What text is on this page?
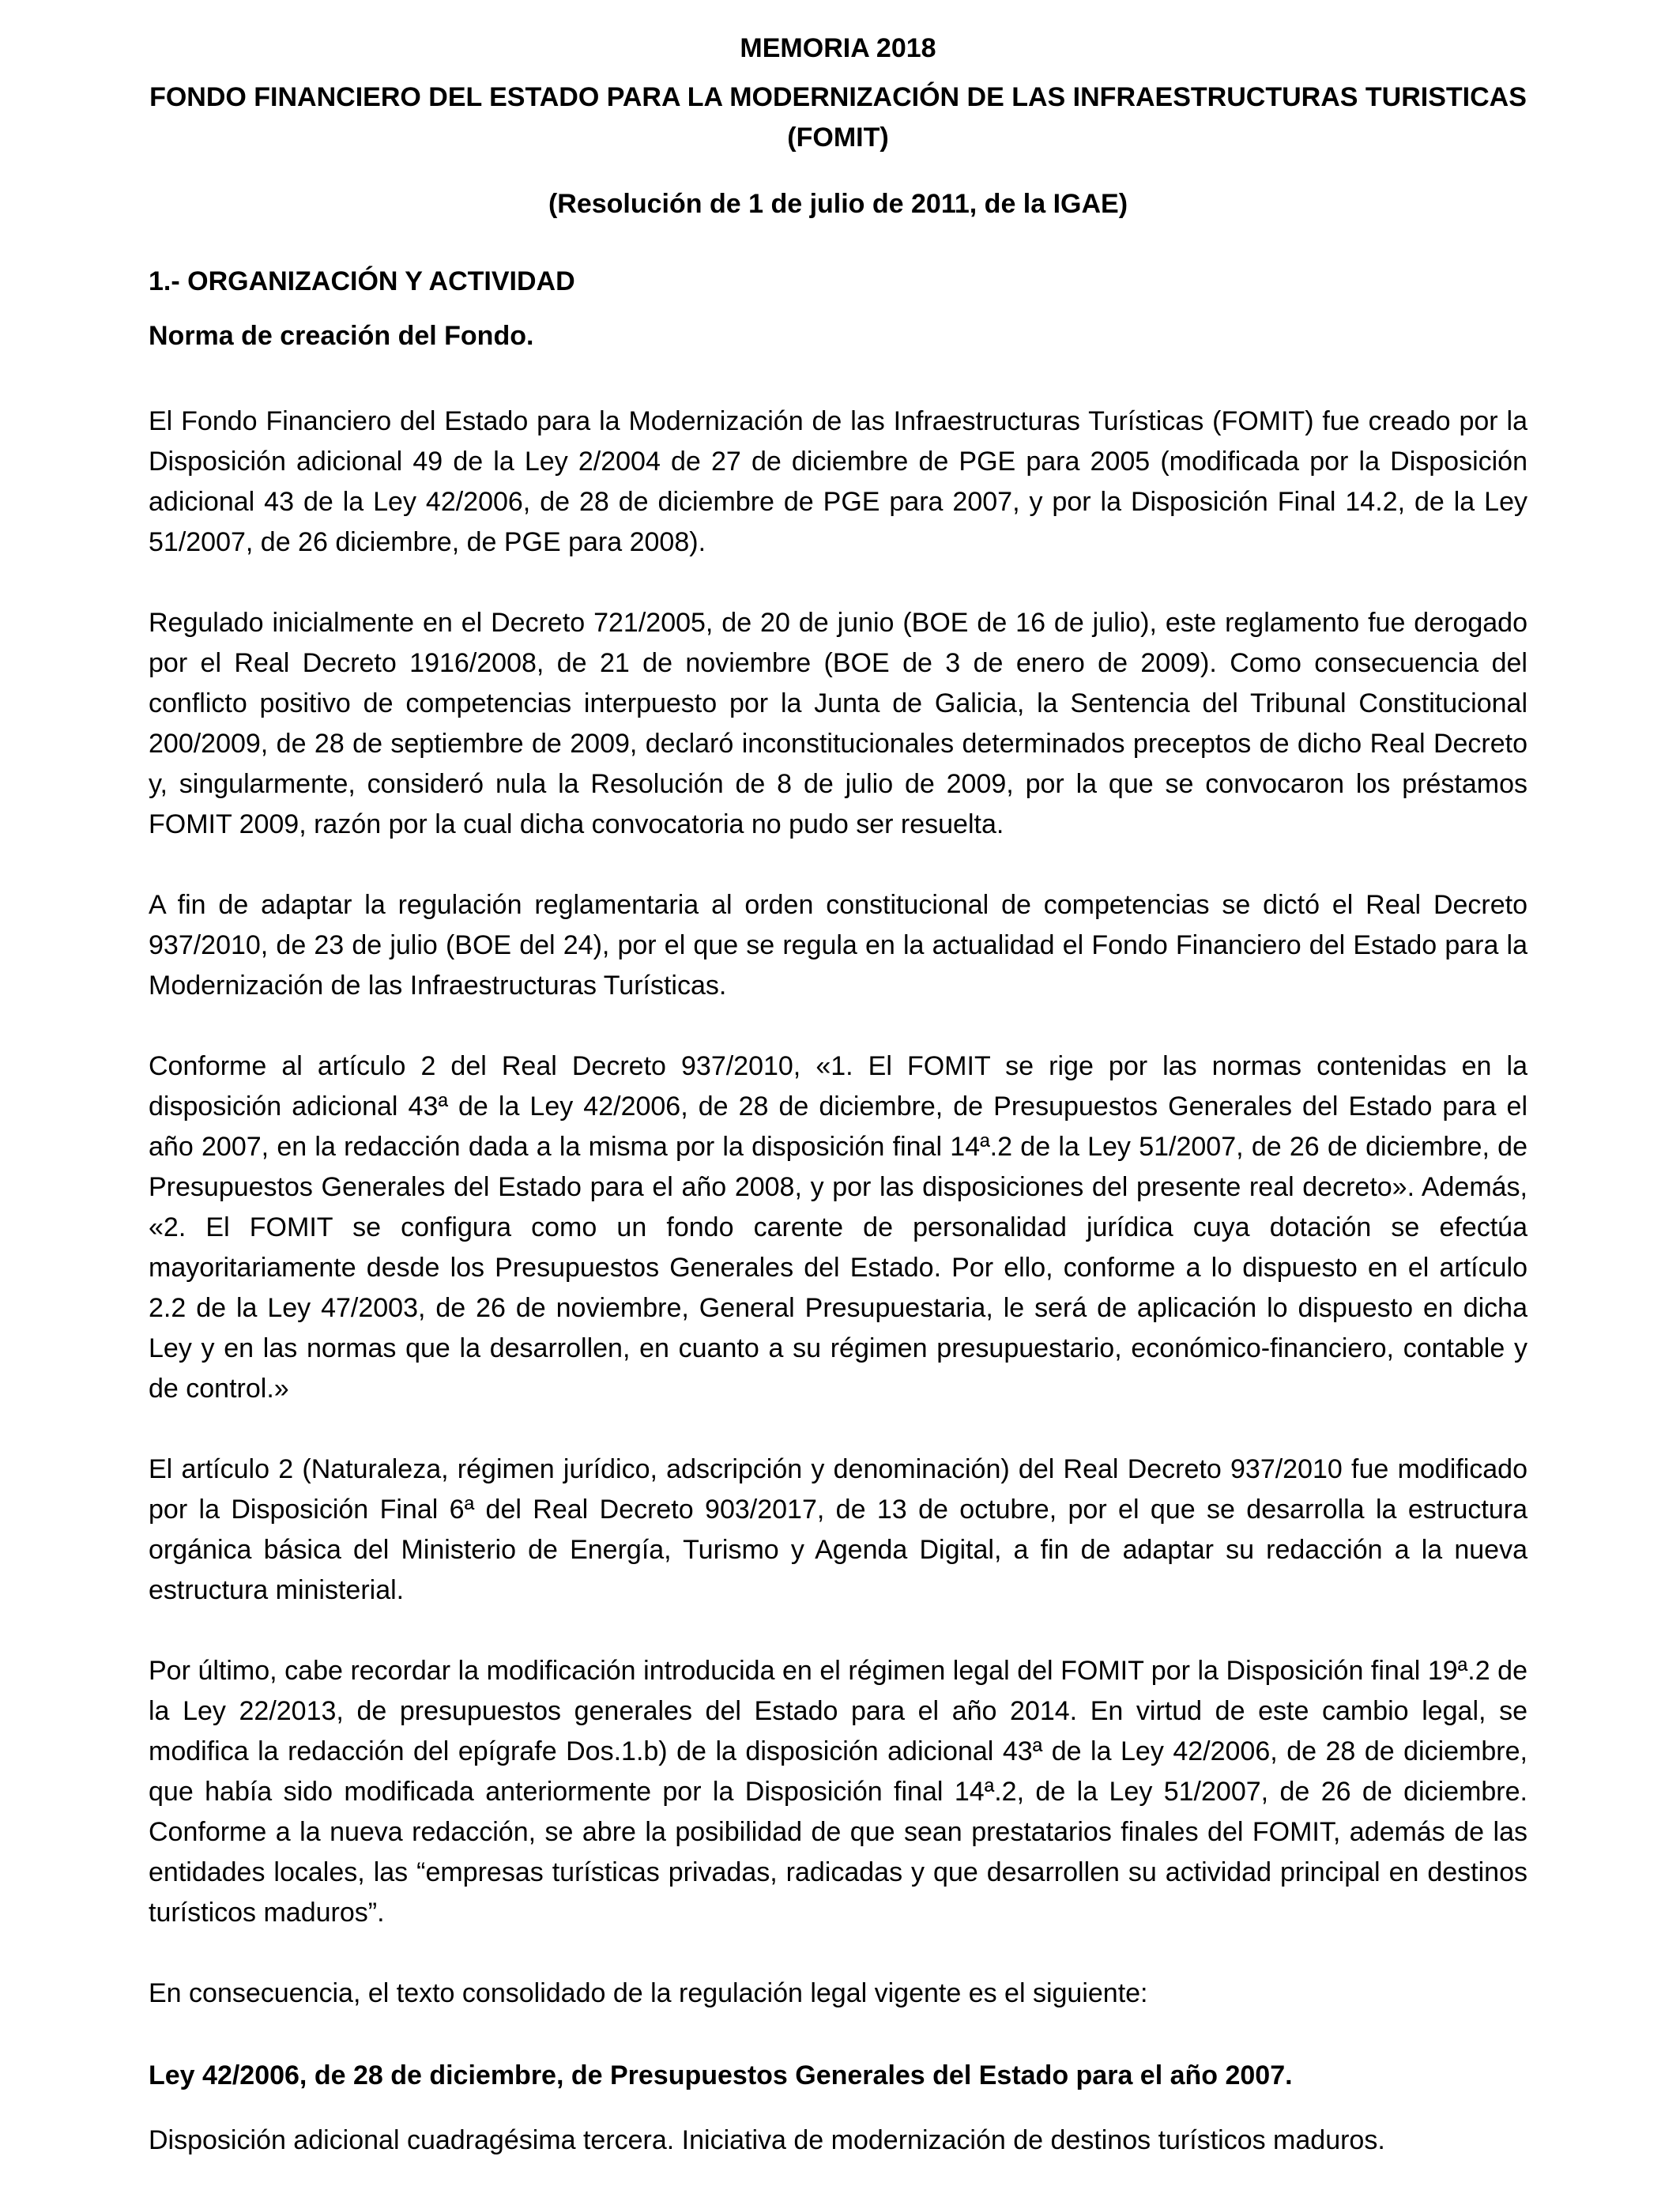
MEMORIA 2018

FONDO FINANCIERO DEL ESTADO PARA LA MODERNIZACIÓN DE LAS INFRAESTRUCTURAS TURISTICAS (FOMIT)

(Resolución de 1 de julio de 2011, de la IGAE)

1.- ORGANIZACIÓN Y ACTIVIDAD

Norma de creación del Fondo.

El Fondo Financiero del Estado para la Modernización de las Infraestructuras Turísticas (FOMIT) fue creado por la Disposición adicional 49 de la Ley 2/2004 de 27 de diciembre de PGE para 2005 (modificada por la Disposición adicional 43 de la Ley 42/2006, de 28 de diciembre de PGE para 2007, y por la Disposición Final 14.2, de la Ley 51/2007, de 26 diciembre, de PGE para 2008).

Regulado inicialmente en el Decreto 721/2005, de 20 de junio (BOE de 16 de julio), este reglamento fue derogado por el Real Decreto 1916/2008, de 21 de noviembre (BOE de 3 de enero de 2009). Como consecuencia del conflicto positivo de competencias interpuesto por la Junta de Galicia, la Sentencia del Tribunal Constitucional 200/2009, de 28 de septiembre de 2009, declaró inconstitucionales determinados preceptos de dicho Real Decreto y, singularmente, consideró nula la Resolución de 8 de julio de 2009, por la que se convocaron los préstamos FOMIT 2009, razón por la cual dicha convocatoria no pudo ser resuelta.

A fin de adaptar la regulación reglamentaria al orden constitucional de competencias se dictó el Real Decreto 937/2010, de 23 de julio (BOE del 24), por el que se regula en la actualidad el Fondo Financiero del Estado para la Modernización de las Infraestructuras Turísticas.

Conforme al artículo 2 del Real Decreto 937/2010, «1. El FOMIT se rige por las normas contenidas en la disposición adicional 43ª de la Ley 42/2006, de 28 de diciembre, de Presupuestos Generales del Estado para el año 2007, en la redacción dada a la misma por la disposición final 14ª.2 de la Ley 51/2007, de 26 de diciembre, de Presupuestos Generales del Estado para el año 2008, y por las disposiciones del presente real decreto». Además, «2. El FOMIT se configura como un fondo carente de personalidad jurídica cuya dotación se efectúa mayoritariamente desde los Presupuestos Generales del Estado. Por ello, conforme a lo dispuesto en el artículo 2.2 de la Ley 47/2003, de 26 de noviembre, General Presupuestaria, le será de aplicación lo dispuesto en dicha Ley y en las normas que la desarrollen, en cuanto a su régimen presupuestario, económico-financiero, contable y de control.»

El artículo 2 (Naturaleza, régimen jurídico, adscripción y denominación) del Real Decreto 937/2010 fue modificado por la Disposición Final 6ª del Real Decreto 903/2017, de 13 de octubre, por el que se desarrolla la estructura orgánica básica del Ministerio de Energía, Turismo y Agenda Digital, a fin de adaptar su redacción a la nueva estructura ministerial.

Por último, cabe recordar la modificación introducida en el régimen legal del FOMIT por la Disposición final 19ª.2 de la Ley 22/2013, de presupuestos generales del Estado para el año 2014. En virtud de este cambio legal, se modifica la redacción del epígrafe Dos.1.b) de la disposición adicional 43ª de la Ley 42/2006, de 28 de diciembre, que había sido modificada anteriormente por la Disposición final 14ª.2, de la Ley 51/2007, de 26 de diciembre. Conforme a la nueva redacción, se abre la posibilidad de que sean prestatarios finales del FOMIT, además de las entidades locales, las “empresas turísticas privadas, radicadas y que desarrollen su actividad principal en destinos turísticos maduros”.

En consecuencia, el texto consolidado de la regulación legal vigente es el siguiente:

Ley 42/2006, de 28 de diciembre, de Presupuestos Generales del Estado para el año 2007.

Disposición adicional cuadragésima tercera. Iniciativa de modernización de destinos turísticos maduros.
